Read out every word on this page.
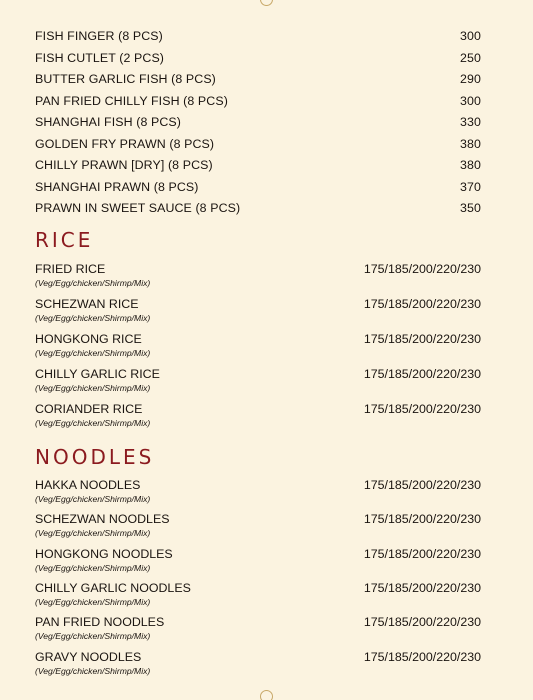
FISH FINGER (8 PCS)	300
FISH CUTLET (2 PCS)	250
BUTTER GARLIC FISH (8 PCS)	290
PAN FRIED CHILLY FISH (8 PCS)	300
SHANGHAI FISH (8 PCS)	330
GOLDEN FRY PRAWN (8 PCS)	380
CHILLY PRAWN [DRY] (8 PCS)	380
SHANGHAI PRAWN (8 PCS)	370
PRAWN IN SWEET SAUCE (8 PCS)	350
RICE
FRIED RICE	175/185/200/220/230
(Veg/Egg/chicken/Shirmp/Mix)
SCHEZWAN RICE	175/185/200/220/230
(Veg/Egg/chicken/Shirmp/Mix)
HONGKONG RICE	175/185/200/220/230
(Veg/Egg/chicken/Shirmp/Mix)
CHILLY GARLIC RICE	175/185/200/220/230
(Veg/Egg/chicken/Shirmp/Mix)
CORIANDER RICE	175/185/200/220/230
(Veg/Egg/chicken/Shirmp/Mix)
NOODLES
HAKKA NOODLES	175/185/200/220/230
(Veg/Egg/chicken/Shirmp/Mix)
SCHEZWAN NOODLES	175/185/200/220/230
(Veg/Egg/chicken/Shirmp/Mix)
HONGKONG NOODLES	175/185/200/220/230
(Veg/Egg/chicken/Shirmp/Mix)
CHILLY GARLIC NOODLES	175/185/200/220/230
(Veg/Egg/chicken/Shirmp/Mix)
PAN FRIED NOODLES	175/185/200/220/230
(Veg/Egg/chicken/Shirmp/Mix)
GRAVY NOODLES	175/185/200/220/230
(Veg/Egg/chicken/Shirmp/Mix)
